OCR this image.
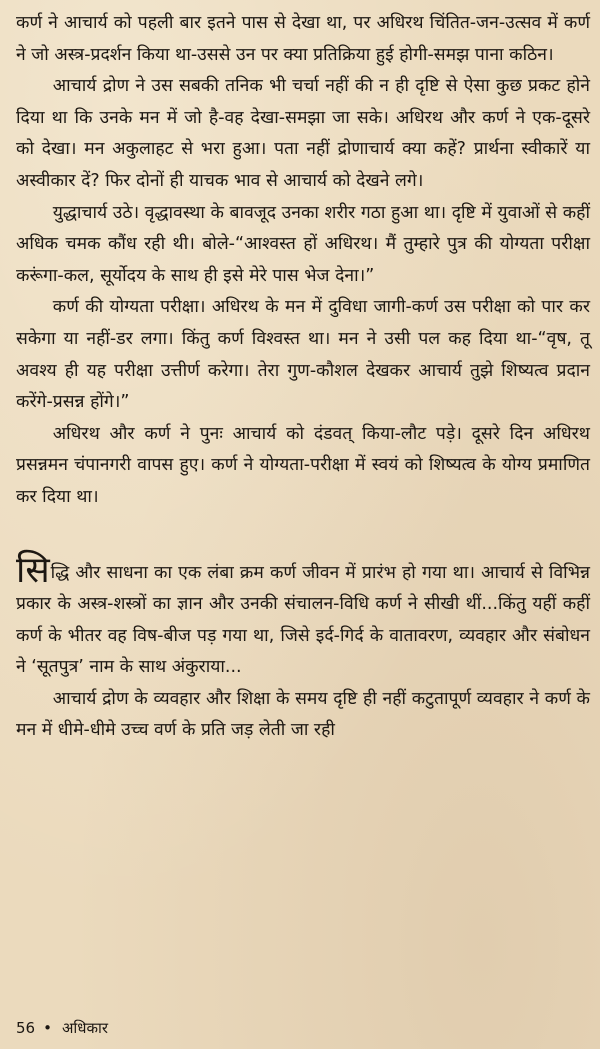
कर्ण ने आचार्य को पहली बार इतने पास से देखा था, पर अधिरथ चिंतित-जन-उत्सव में कर्ण ने जो अस्त्र-प्रदर्शन किया था-उससे उन पर क्या प्रतिक्रिया हुई होगी-समझ पाना कठिन।

आचार्य द्रोण ने उस सबकी तनिक भी चर्चा नहीं की न ही दृष्टि से ऐसा कुछ प्रकट होने दिया था कि उनके मन में जो है-वह देखा-समझा जा सके। अधिरथ और कर्ण ने एक-दूसरे को देखा। मन अकुलाहट से भरा हुआ। पता नहीं द्रोणाचार्य क्या कहें? प्रार्थना स्वीकारें या अस्वीकार दें? फिर दोनों ही याचक भाव से आचार्य को देखने लगे।

युद्धाचार्य उठे। वृद्धावस्था के बावजूद उनका शरीर गठा हुआ था। दृष्टि में युवाओं से कहीं अधिक चमक कौंध रही थी। बोले-“आश्वस्त हों अधिरथ। मैं तुम्हारे पुत्र की योग्यता परीक्षा करूंगा-कल, सूर्योदय के साथ ही इसे मेरे पास भेज देना।”

कर्ण की योग्यता परीक्षा। अधिरथ के मन में दुविधा जागी-कर्ण उस परीक्षा को पार कर सकेगा या नहीं-डर लगा। किंतु कर्ण विश्वस्त था। मन ने उसी पल कह दिया था-“वृष, तू अवश्य ही यह परीक्षा उत्तीर्ण करेगा। तेरा गुण-कौशल देखकर आचार्य तुझे शिष्यत्व प्रदान करेंगे-प्रसन्न होंगे।”

अधिरथ और कर्ण ने पुनः आचार्य को दंडवत् किया-लौट पड़े। दूसरे दिन अधिरथ प्रसन्नमन चंपानगरी वापस हुए। कर्ण ने योग्यता-परीक्षा में स्वयं को शिष्यत्व के योग्य प्रमाणित कर दिया था।

सिद्धि और साधना का एक लंबा क्रम कर्ण जीवन में प्रारंभ हो गया था। आचार्य से विभिन्न प्रकार के अस्त्र-शस्त्रों का ज्ञान और उनकी संचालन-विधि कर्ण ने सीखी थीं...किंतु यहीं कहीं कर्ण के भीतर वह विष-बीज पड़ गया था, जिसे इर्द-गिर्द के वातावरण, व्यवहार और संबोधन ने ‘सूतपुत्र’ नाम के साथ अंकुराया...

आचार्य द्रोण के व्यवहार और शिक्षा के समय दृष्टि ही नहीं कटुतापूर्ण व्यवहार ने कर्ण के मन में धीमे-धीमे उच्च वर्ण के प्रति जड़ लेती जा रही

56 • अधिकार
